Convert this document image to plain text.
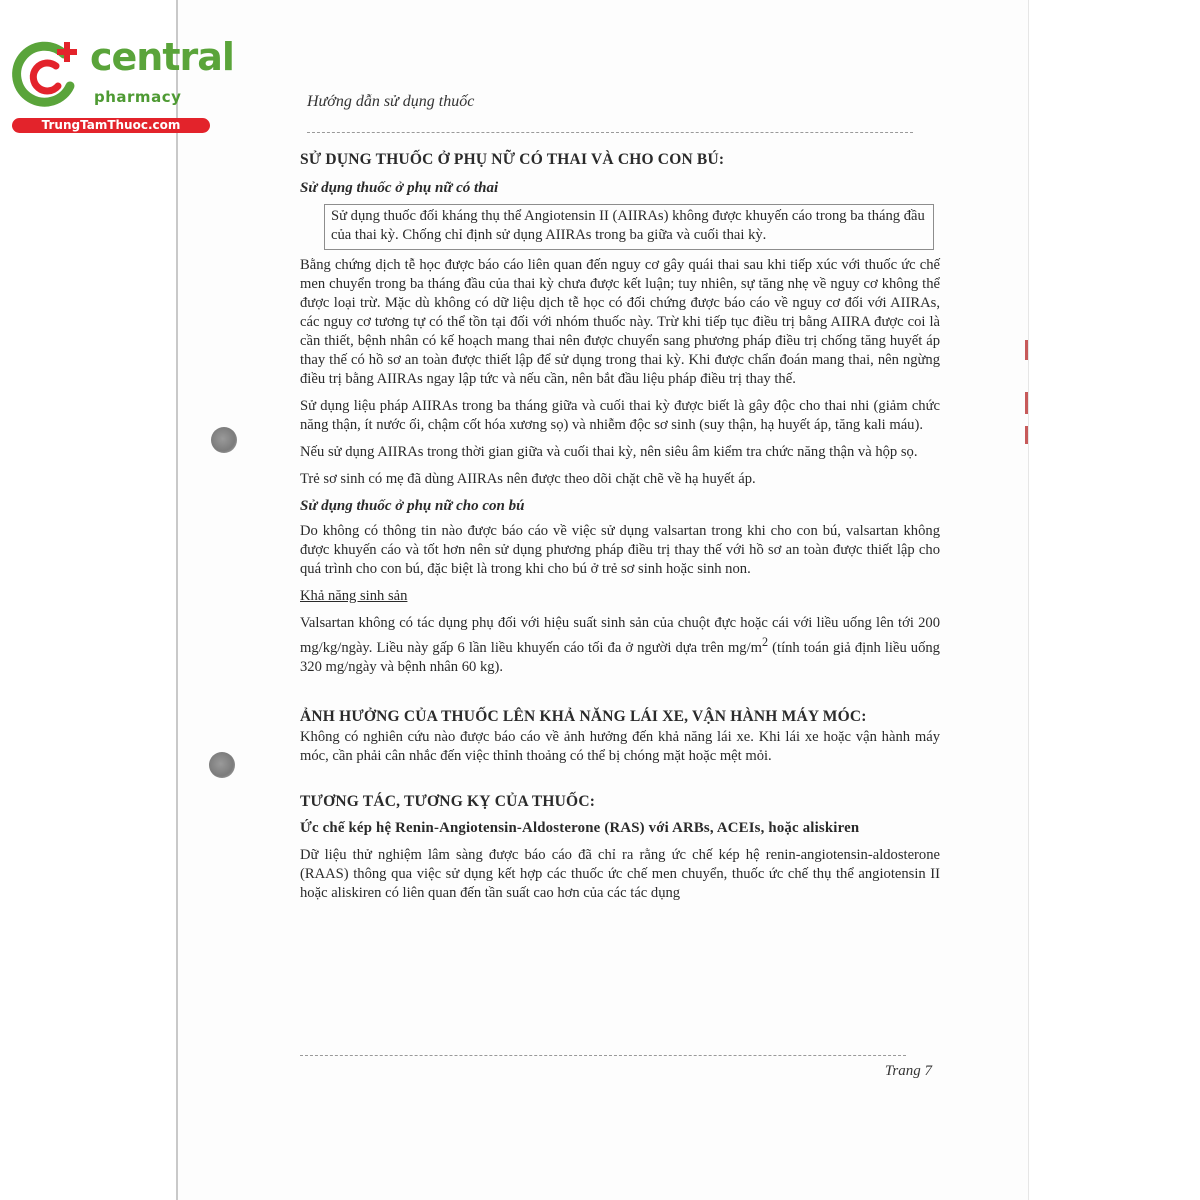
central
pharmacy
TrungTamThuoc.com
Hướng dẫn sử dụng thuốc
SỬ DỤNG THUỐC Ở PHỤ NỮ CÓ THAI VÀ CHO CON BÚ:
Sử dụng thuốc ở phụ nữ có thai
Sử dụng thuốc đối kháng thụ thể Angiotensin II (AIIRAs) không được khuyến cáo trong ba tháng đầu của thai kỳ. Chống chỉ định sử dụng AIIRAs trong ba giữa và cuối thai kỳ.

Bằng chứng dịch tễ học được báo cáo liên quan đến nguy cơ gây quái thai sau khi tiếp xúc với thuốc ức chế men chuyển trong ba tháng đầu của thai kỳ chưa được kết luận; tuy nhiên, sự tăng nhẹ về nguy cơ không thể được loại trừ. Mặc dù không có dữ liệu dịch tễ học có đối chứng được báo cáo về nguy cơ đối với AIIRAs, các nguy cơ tương tự có thể tồn tại đối với nhóm thuốc này. Trừ khi tiếp tục điều trị bằng AIIRA được coi là cần thiết, bệnh nhân có kế hoạch mang thai nên được chuyển sang phương pháp điều trị chống tăng huyết áp thay thế có hồ sơ an toàn được thiết lập để sử dụng trong thai kỳ. Khi được chẩn đoán mang thai, nên ngừng điều trị bằng AIIRAs ngay lập tức và nếu cần, nên bắt đầu liệu pháp điều trị thay thế.

Sử dụng liệu pháp AIIRAs trong ba tháng giữa và cuối thai kỳ được biết là gây độc cho thai nhi (giảm chức năng thận, ít nước ối, chậm cốt hóa xương sọ) và nhiễm độc sơ sinh (suy thận, hạ huyết áp, tăng kali máu).

Nếu sử dụng AIIRAs trong thời gian giữa và cuối thai kỳ, nên siêu âm kiểm tra chức năng thận và hộp sọ.

Trẻ sơ sinh có mẹ đã dùng AIIRAs nên được theo dõi chặt chẽ về hạ huyết áp.

Sử dụng thuốc ở phụ nữ cho con bú

Do không có thông tin nào được báo cáo về việc sử dụng valsartan trong khi cho con bú, valsartan không được khuyến cáo và tốt hơn nên sử dụng phương pháp điều trị thay thế với hồ sơ an toàn được thiết lập cho quá trình cho con bú, đặc biệt là trong khi cho bú ở trẻ sơ sinh hoặc sinh non.

Khả năng sinh sản

Valsartan không có tác dụng phụ đối với hiệu suất sinh sản của chuột đực hoặc cái với liều uống lên tới 200 mg/kg/ngày. Liều này gấp 6 lần liều khuyến cáo tối đa ở người dựa trên $mg/m^2$ (tính toán giả định liều uống 320 mg/ngày và bệnh nhân 60 kg).

ẢNH HƯỞNG CỦA THUỐC LÊN KHẢ NĂNG LÁI XE, VẬN HÀNH MÁY MÓC:

Không có nghiên cứu nào được báo cáo về ảnh hưởng đến khả năng lái xe. Khi lái xe hoặc vận hành máy móc, cần phải cân nhắc đến việc thỉnh thoảng có thể bị chóng mặt hoặc mệt mỏi.

TƯƠNG TÁC, TƯƠNG KỴ CỦA THUỐC:
Ức chế kép hệ Renin-Angiotensin-Aldosterone (RAS) với ARBs, ACEIs, hoặc aliskiren

Dữ liệu thử nghiệm lâm sàng được báo cáo đã chỉ ra rằng ức chế kép hệ renin-angiotensin-aldosterone (RAAS) thông qua việc sử dụng kết hợp các thuốc ức chế men chuyển, thuốc ức chế thụ thể angiotensin II hoặc aliskiren có liên quan đến tần suất cao hơn của các tác dụng

Trang 7
